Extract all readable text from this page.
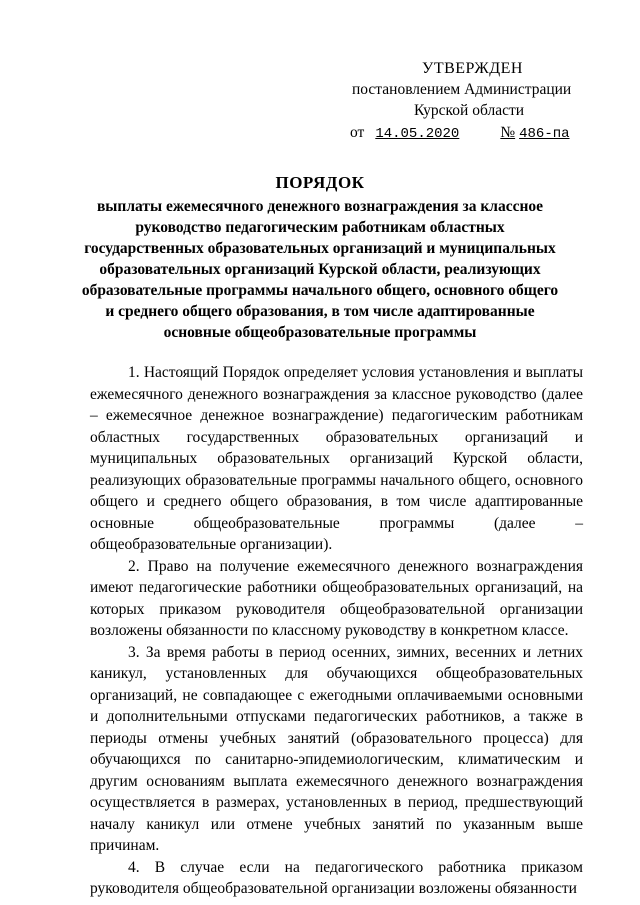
УТВЕРЖДЕН
постановлением Администрации
Курской области
от 14.05.2020	№ 486-па
ПОРЯДОК
выплаты ежемесячного денежного вознаграждения за классное руководство педагогическим работникам областных государственных образовательных организаций и муниципальных образовательных организаций Курской области, реализующих образовательные программы начального общего, основного общего и среднего общего образования, в том числе адаптированные основные общеобразовательные программы

1. Настоящий Порядок определяет условия установления и выплаты ежемесячного денежного вознаграждения за классное руководство (далее – ежемесячное денежное вознаграждение) педагогическим работникам областных государственных образовательных организаций и муниципальных образовательных организаций Курской области, реализующих образовательные программы начального общего, основного общего и среднего общего образования, в том числе адаптированные основные общеобразовательные программы (далее – общеобразовательные организации).

2. Право на получение ежемесячного денежного вознаграждения имеют педагогические работники общеобразовательных организаций, на которых приказом руководителя общеобразовательной организации возложены обязанности по классному руководству в конкретном классе.

3. За время работы в период осенних, зимних, весенних и летних каникул, установленных для обучающихся общеобразовательных организаций, не совпадающее с ежегодными оплачиваемыми основными и дополнительными отпусками педагогических работников, а также в периоды отмены учебных занятий (образовательного процесса) для обучающихся по санитарно-эпидемиологическим, климатическим и другим основаниям выплата ежемесячного денежного вознаграждения осуществляется в размерах, установленных в период, предшествующий началу каникул или отмене учебных занятий по указанным выше причинам.

4. В случае если на педагогического работника приказом руководителя общеобразовательной организации возложены обязанности
